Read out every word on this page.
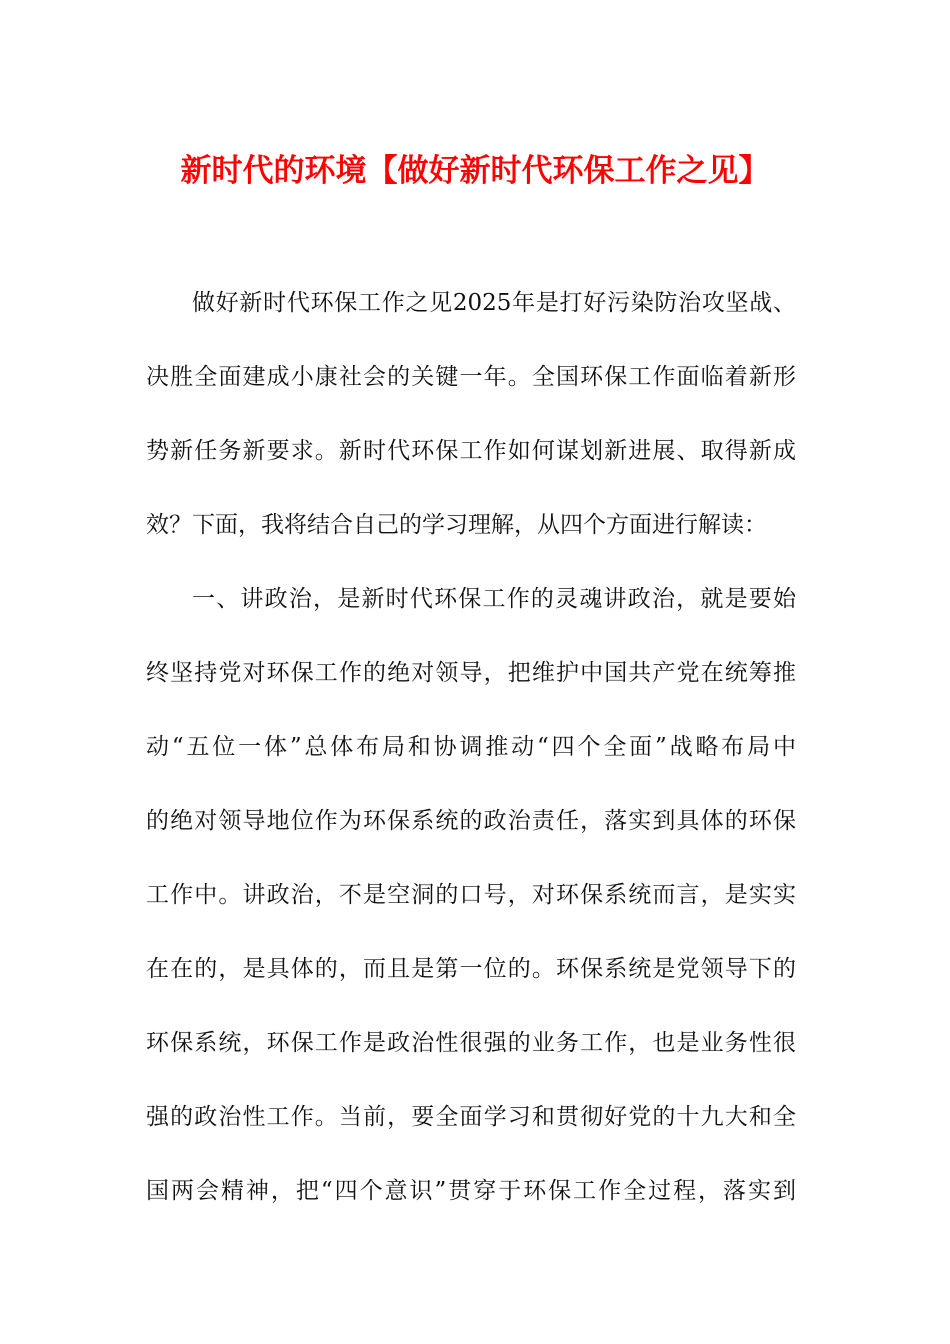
新时代的环境【做好新时代环保工作之见】
做好新时代环保工作之见2025年是打好污染防治攻坚战、
决胜全面建成小康社会的关键一年。全国环保工作面临着新形
势新任务新要求。新时代环保工作如何谋划新进展、取得新成
效？下面，我将结合自己的学习理解，从四个方面进行解读：
一、讲政治，是新时代环保工作的灵魂讲政治，就是要始
终坚持党对环保工作的绝对领导，把维护中国共产党在统筹推
动“五位一体”总体布局和协调推动“四个全面”战略布局中
的绝对领导地位作为环保系统的政治责任，落实到具体的环保
工作中。讲政治，不是空洞的口号，对环保系统而言，是实实
在在的，是具体的，而且是第一位的。环保系统是党领导下的
环保系统，环保工作是政治性很强的业务工作，也是业务性很
强的政治性工作。当前，要全面学习和贯彻好党的十九大和全
国两会精神，把“四个意识”贯穿于环保工作全过程，落实到
